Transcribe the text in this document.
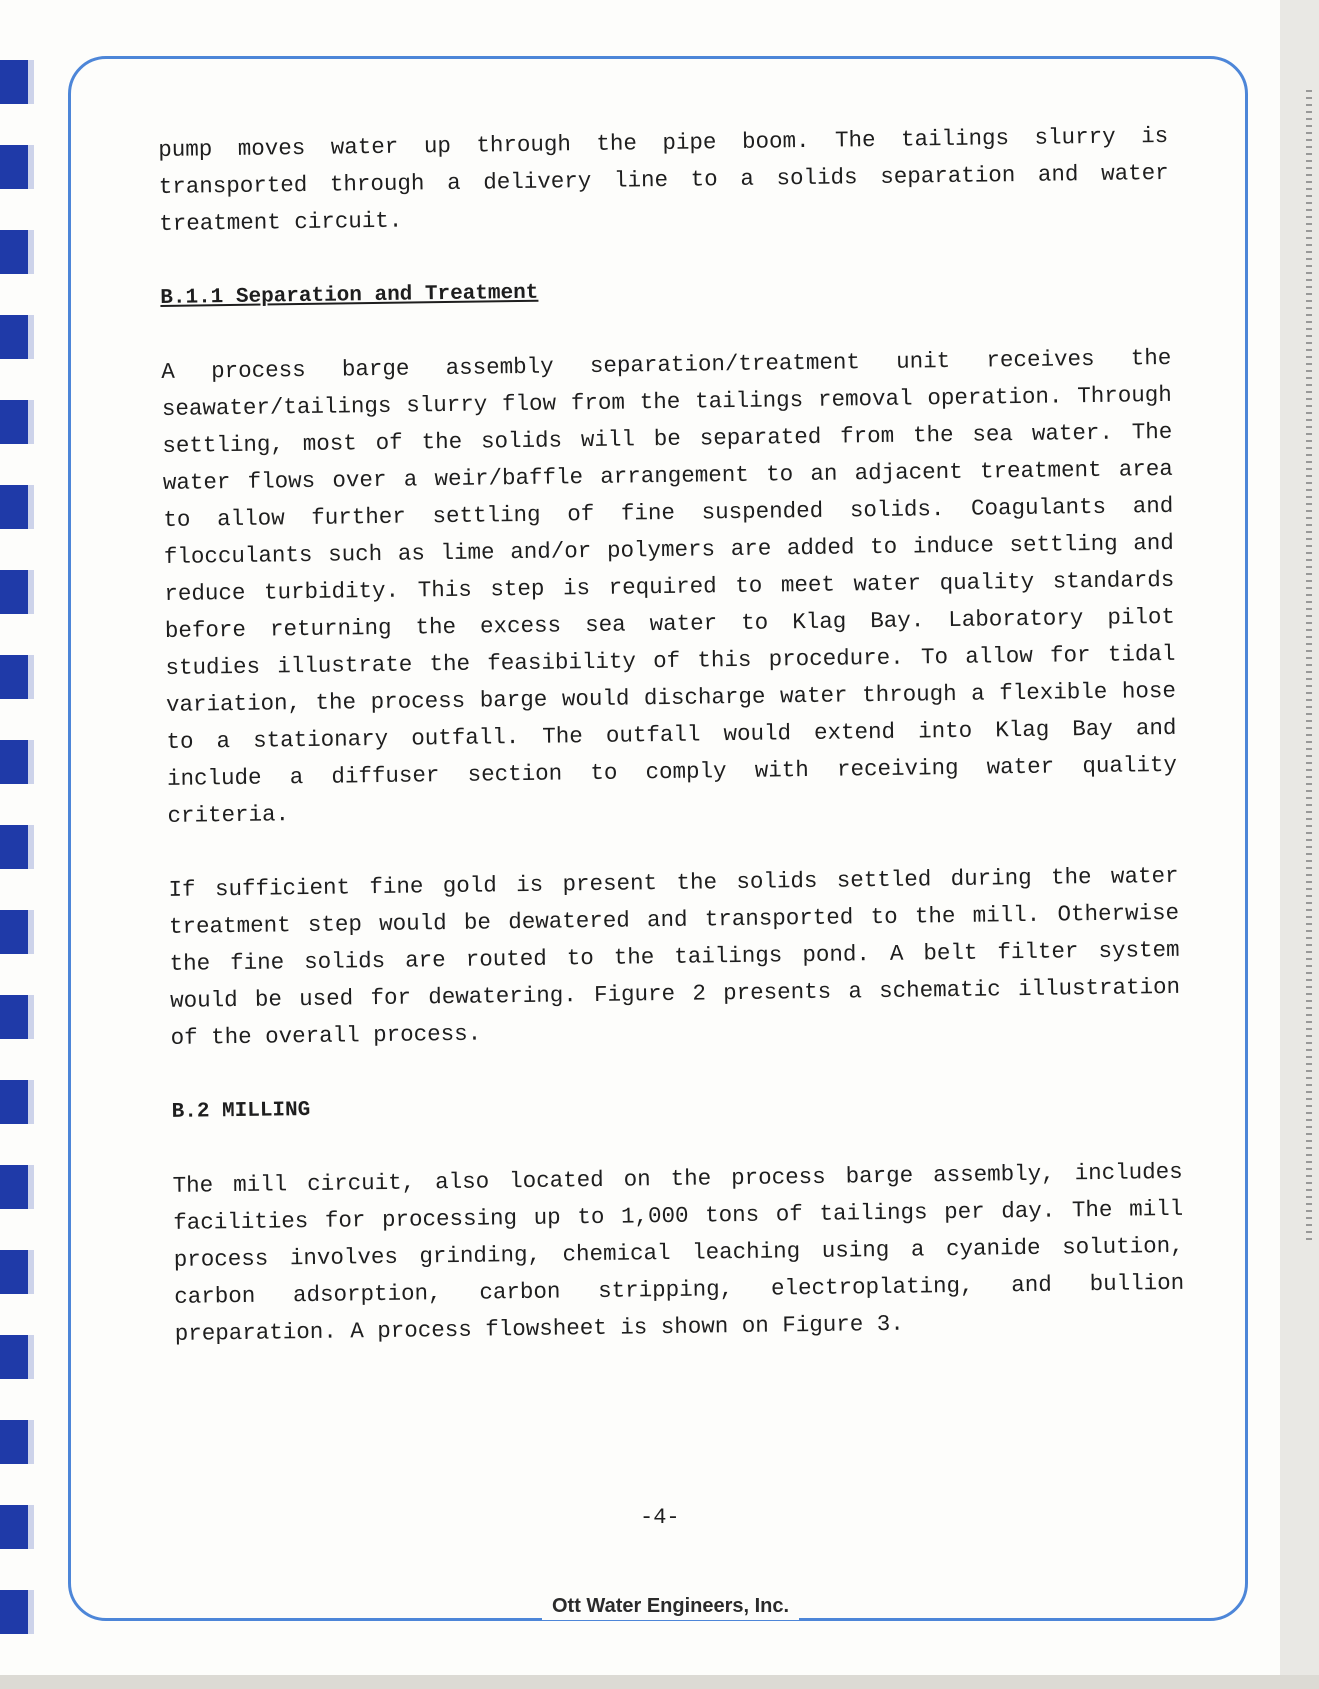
pump moves water up through the pipe boom. The tailings slurry is transported through a delivery line to a solids separation and water treatment circuit.

B.1.1 Separation and Treatment

A process barge assembly separation/treatment unit receives the seawater/tailings slurry flow from the tailings removal operation. Through settling, most of the solids will be separated from the sea water. The water flows over a weir/baffle arrangement to an adjacent treatment area to allow further settling of fine suspended solids. Coagulants and flocculants such as lime and/or polymers are added to induce settling and reduce turbidity. This step is required to meet water quality standards before returning the excess sea water to Klag Bay. Laboratory pilot studies illustrate the feasibility of this procedure. To allow for tidal variation, the process barge would discharge water through a flexible hose to a stationary outfall. The outfall would extend into Klag Bay and include a diffuser section to comply with receiving water quality criteria.

If sufficient fine gold is present the solids settled during the water treatment step would be dewatered and transported to the mill. Otherwise the fine solids are routed to the tailings pond. A belt filter system would be used for dewatering. Figure 2 presents a schematic illustration of the overall process.

B.2 MILLING

The mill circuit, also located on the process barge assembly, includes facilities for processing up to 1,000 tons of tailings per day. The mill process involves grinding, chemical leaching using a cyanide solution, carbon adsorption, carbon stripping, electroplating, and bullion preparation. A process flowsheet is shown on Figure 3.

-4-
Ott Water Engineers, Inc.
